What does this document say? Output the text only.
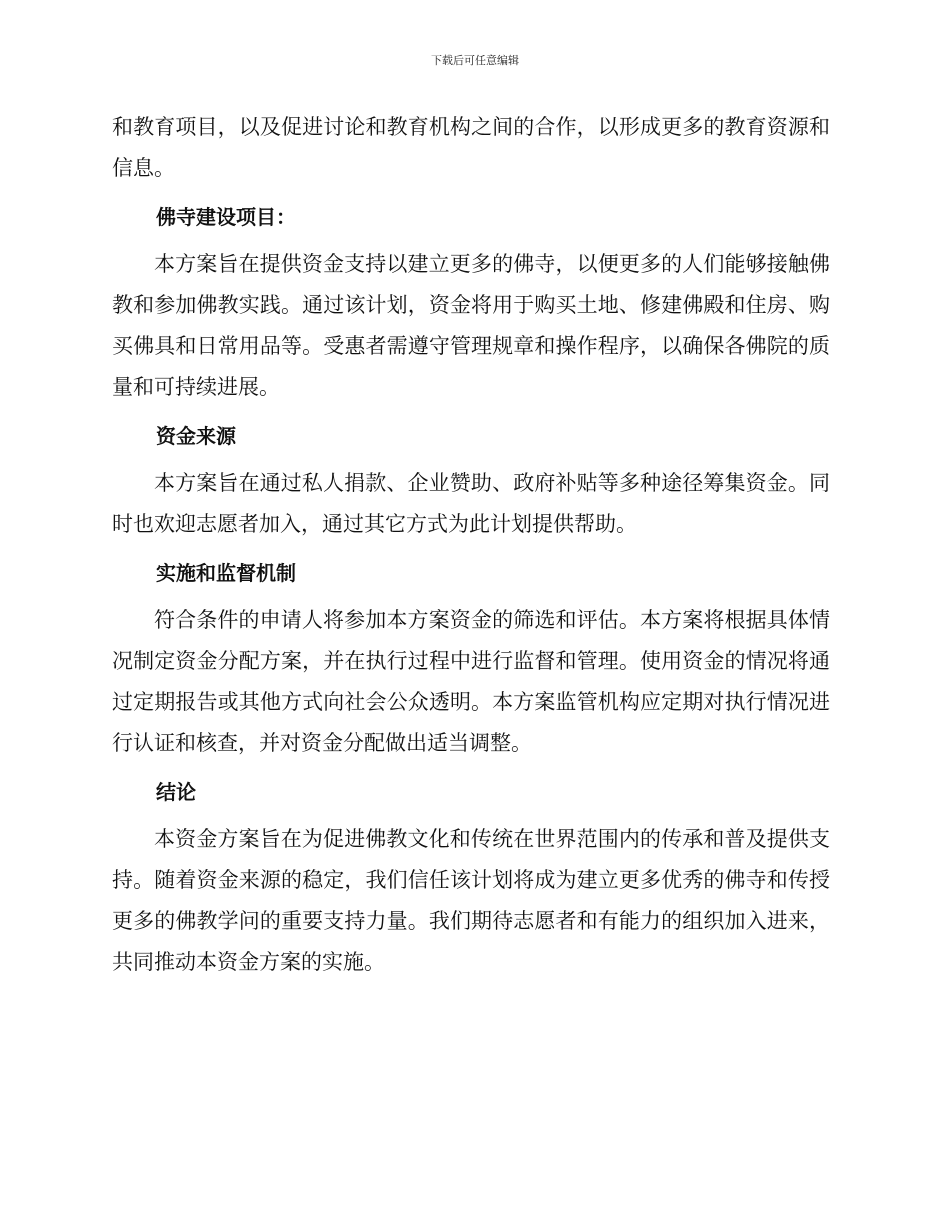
下载后可任意编辑

和教育项目，以及促进讨论和教育机构之间的合作，以形成更多的教育资源和信息。

佛寺建设项目：

本方案旨在提供资金支持以建立更多的佛寺，以便更多的人们能够接触佛教和参加佛教实践。通过该计划，资金将用于购买土地、修建佛殿和住房、购买佛具和日常用品等。受惠者需遵守管理规章和操作程序，以确保各佛院的质量和可持续进展。

资金来源

本方案旨在通过私人捐款、企业赞助、政府补贴等多种途径筹集资金。同时也欢迎志愿者加入，通过其它方式为此计划提供帮助。

实施和监督机制

符合条件的申请人将参加本方案资金的筛选和评估。本方案将根据具体情况制定资金分配方案，并在执行过程中进行监督和管理。使用资金的情况将通过定期报告或其他方式向社会公众透明。本方案监管机构应定期对执行情况进行认证和核查，并对资金分配做出适当调整。

结论

本资金方案旨在为促进佛教文化和传统在世界范围内的传承和普及提供支持。随着资金来源的稳定，我们信任该计划将成为建立更多优秀的佛寺和传授更多的佛教学问的重要支持力量。我们期待志愿者和有能力的组织加入进来，共同推动本资金方案的实施。
